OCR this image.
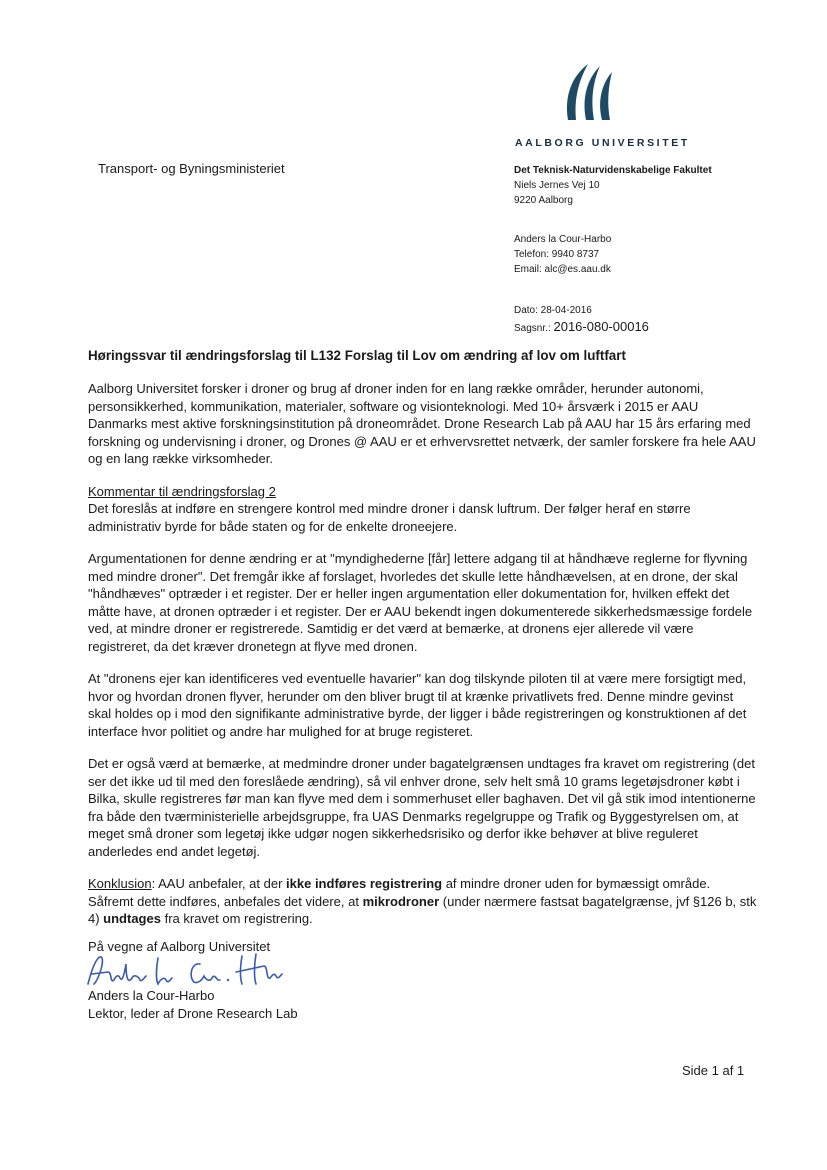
AALBORG UNIVERSITET
Transport- og Byningsministeriet	Det Teknisk-Naturvidenskabelige Fakultet
Niels Jernes Vej 10
9220 Aalborg
Anders la Cour-Harbo
Telefon: 9940 8737
Email: alc@es.aau.dk
Dato: 28-04-2016
Sagsnr.: 2016-080-00016
Høringssvar til ændringsforslag til L132 Forslag til Lov om ændring af lov om luftfart

Aalborg Universitet forsker i droner og brug af droner inden for en lang række områder, herunder autonomi, personsikkerhed, kommunikation, materialer, software og visionteknologi. Med 10+ årsværk i 2015 er AAU Danmarks mest aktive forskningsinstitution på droneområdet. Drone Research Lab på AAU har 15 års erfaring med forskning og undervisning i droner, og Drones @ AAU er et erhvervsrettet netværk, der samler forskere fra hele AAU og en lang række virksomheder.

Kommentar til ændringsforslag 2

Det foreslås at indføre en strengere kontrol med mindre droner i dansk luftrum. Der følger heraf en større administrativ byrde for både staten og for de enkelte droneejere.

Argumentationen for denne ændring er at "myndighederne [får] lettere adgang til at håndhæve reglerne for flyvning med mindre droner". Det fremgår ikke af forslaget, hvorledes det skulle lette håndhævelsen, at en drone, der skal "håndhæves" optræder i et register. Der er heller ingen argumentation eller dokumentation for, hvilken effekt det måtte have, at dronen optræder i et register. Der er AAU bekendt ingen dokumenterede sikkerhedsmæssige fordele ved, at mindre droner er registrerede. Samtidig er det værd at bemærke, at dronens ejer allerede vil være registreret, da det kræver dronetegn at flyve med dronen.

At "dronens ejer kan identificeres ved eventuelle havarier" kan dog tilskynde piloten til at være mere forsigtigt med, hvor og hvordan dronen flyver, herunder om den bliver brugt til at krænke privatlivets fred. Denne mindre gevinst skal holdes op i mod den signifikante administrative byrde, der ligger i både registreringen og konstruktionen af det interface hvor politiet og andre har mulighed for at bruge registeret.

Det er også værd at bemærke, at medmindre droner under bagatelgrænsen undtages fra kravet om registrering (det ser det ikke ud til med den foreslåede ændring), så vil enhver drone, selv helt små 10 grams legetøjsdroner købt i Bilka, skulle registreres før man kan flyve med dem i sommerhuset eller baghaven. Det vil gå stik imod intentionerne fra både den tværministerielle arbejdsgruppe, fra UAS Denmarks regelgruppe og Trafik og Byggestyrelsen om, at meget små droner som legetøj ikke udgør nogen sikkerhedsrisiko og derfor ikke behøver at blive reguleret anderledes end andet legetøj.

Konklusion: AAU anbefaler, at der ikke indføres registrering af mindre droner uden for bymæssigt område. Såfremt dette indføres, anbefales det videre, at mikrodroner (under nærmere fastsat bagatelgrænse, jvf §126 b, stk 4) undtages fra kravet om registrering.

På vegne af Aalborg Universitet
Anders la Cour-Harbo
Lektor, leder af Drone Research Lab
Side 1 af 1
